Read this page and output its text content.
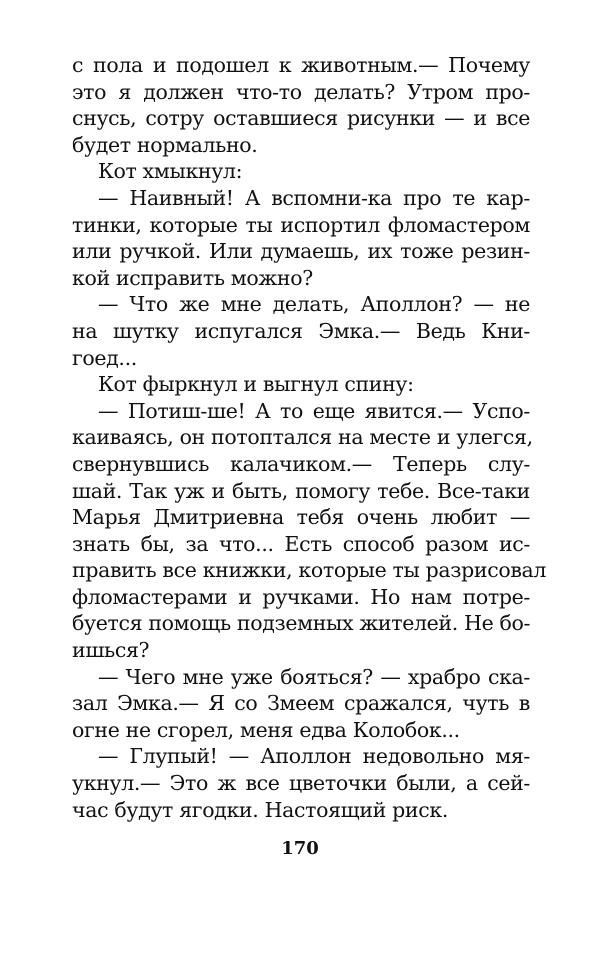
с пола и подошел к животным.— Почему
это я должен что-то делать? Утром про-
снусь, сотру оставшиеся рисунки — и все
будет нормально.
Кот хмыкнул:
— Наивный! А вспомни-ка про те кар-
тинки, которые ты испортил фломастером
или ручкой. Или думаешь, их тоже резин-
кой исправить можно?
— Что же мне делать, Аполлон? — не
на шутку испугался Эмка.— Ведь Кни-
гоед...
Кот фыркнул и выгнул спину:
— Потиш-ше! А то еще явится.— Успо-
каиваясь, он потоптался на месте и улегся,
свернувшись калачиком.— Теперь слу-
шай. Так уж и быть, помогу тебе. Все-таки
Марья Дмитриевна тебя очень любит —
знать бы, за что... Есть способ разом ис-
править все книжки, которые ты разрисовал
фломастерами и ручками. Но нам потре-
буется помощь подземных жителей. Не бо-
ишься?
— Чего мне уже бояться? — храбро ска-
зал Эмка.— Я со Змеем сражался, чуть в
огне не сгорел, меня едва Колобок...
— Глупый! — Аполлон недовольно мя-
укнул.— Это ж все цветочки были, а сей-
час будут ягодки. Настоящий риск.
170
